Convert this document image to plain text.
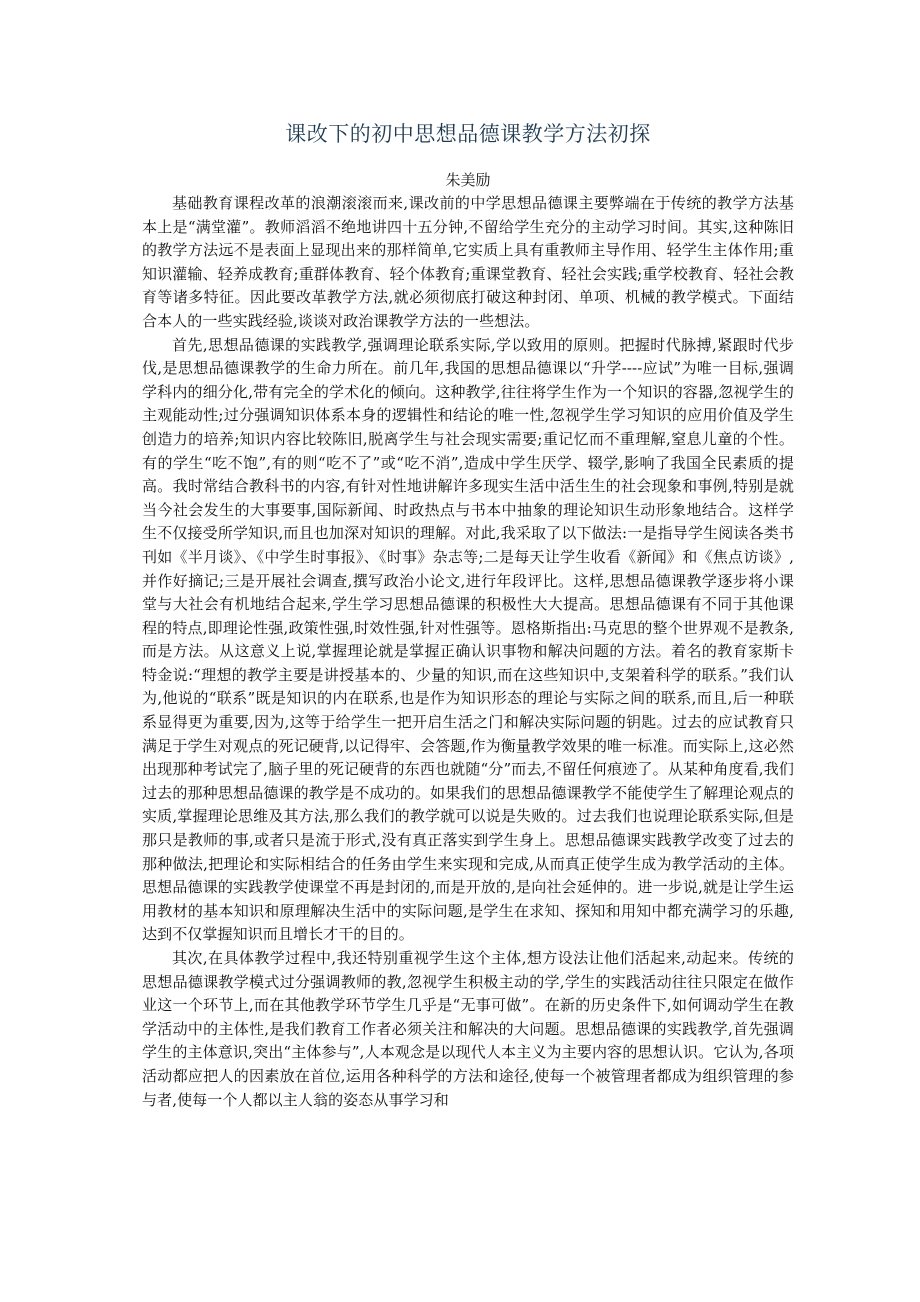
课改下的初中思想品德课教学方法初探

朱美励

基础教育课程改革的浪潮滚滚而来,课改前的中学思想品德课主要弊端在于传统的教学方法基本上是“满堂灌”。教师滔滔不绝地讲四十五分钟,不留给学生充分的主动学习时间。其实,这种陈旧的教学方法远不是表面上显现出来的那样简单,它实质上具有重教师主导作用、轻学生主体作用;重知识灌输、轻养成教育;重群体教育、轻个体教育;重课堂教育、轻社会实践;重学校教育、轻社会教育等诸多特征。因此要改革教学方法,就必须彻底打破这种封闭、单项、机械的教学模式。下面结合本人的一些实践经验,谈谈对政治课教学方法的一些想法。

首先,思想品德课的实践教学,强调理论联系实际,学以致用的原则。把握时代脉搏,紧跟时代步伐,是思想品德课教学的生命力所在。前几年,我国的思想品德课以“升学----应试”为唯一目标,强调学科内的细分化,带有完全的学术化的倾向。这种教学,往往将学生作为一个知识的容器,忽视学生的主观能动性;过分强调知识体系本身的逻辑性和结论的唯一性,忽视学生学习知识的应用价值及学生创造力的培养;知识内容比较陈旧,脱离学生与社会现实需要;重记忆而不重理解,窒息儿童的个性。有的学生“吃不饱”,有的则“吃不了”或“吃不消”,造成中学生厌学、辍学,影响了我国全民素质的提高。我时常结合教科书的内容,有针对性地讲解许多现实生活中活生生的社会现象和事例,特别是就当今社会发生的大事要事,国际新闻、时政热点与书本中抽象的理论知识生动形象地结合。这样学生不仅接受所学知识,而且也加深对知识的理解。对此,我采取了以下做法:一是指导学生阅读各类书刊如《半月谈》、《中学生时事报》、《时事》杂志等;二是每天让学生收看《新闻》和《焦点访谈》,并作好摘记;三是开展社会调查,撰写政治小论文,进行年段评比。这样,思想品德课教学逐步将小课堂与大社会有机地结合起来,学生学习思想品德课的积极性大大提高。思想品德课有不同于其他课程的特点,即理论性强,政策性强,时效性强,针对性强等。恩格斯指出:马克思的整个世界观不是教条,而是方法。从这意义上说,掌握理论就是掌握正确认识事物和解决问题的方法。着名的教育家斯卡特金说:“理想的教学主要是讲授基本的、少量的知识,而在这些知识中,支架着科学的联系。”我们认为,他说的“联系”既是知识的内在联系,也是作为知识形态的理论与实际之间的联系,而且,后一种联系显得更为重要,因为,这等于给学生一把开启生活之门和解决实际问题的钥匙。过去的应试教育只满足于学生对观点的死记硬背,以记得牢、会答题,作为衡量教学效果的唯一标准。而实际上,这必然出现那种考试完了,脑子里的死记硬背的东西也就随“分”而去,不留任何痕迹了。从某种角度看,我们过去的那种思想品德课的教学是不成功的。如果我们的思想品德课教学不能使学生了解理论观点的实质,掌握理论思维及其方法,那么我们的教学就可以说是失败的。过去我们也说理论联系实际,但是那只是教师的事,或者只是流于形式,没有真正落实到学生身上。思想品德课实践教学改变了过去的那种做法,把理论和实际相结合的任务由学生来实现和完成,从而真正使学生成为教学活动的主体。思想品德课的实践教学使课堂不再是封闭的,而是开放的,是向社会延伸的。进一步说,就是让学生运用教材的基本知识和原理解决生活中的实际问题,是学生在求知、探知和用知中都充满学习的乐趣,达到不仅掌握知识而且增长才干的目的。

其次,在具体教学过程中,我还特别重视学生这个主体,想方设法让他们活起来,动起来。传统的思想品德课教学模式过分强调教师的教,忽视学生积极主动的学,学生的实践活动往往只限定在做作业这一个环节上,而在其他教学环节学生几乎是“无事可做”。在新的历史条件下,如何调动学生在教学活动中的主体性,是我们教育工作者必须关注和解决的大问题。思想品德课的实践教学,首先强调学生的主体意识,突出“主体参与”,人本观念是以现代人本主义为主要内容的思想认识。它认为,各项活动都应把人的因素放在首位,运用各种科学的方法和途径,使每一个被管理者都成为组织管理的参与者,使每一个人都以主人翁的姿态从事学习和
